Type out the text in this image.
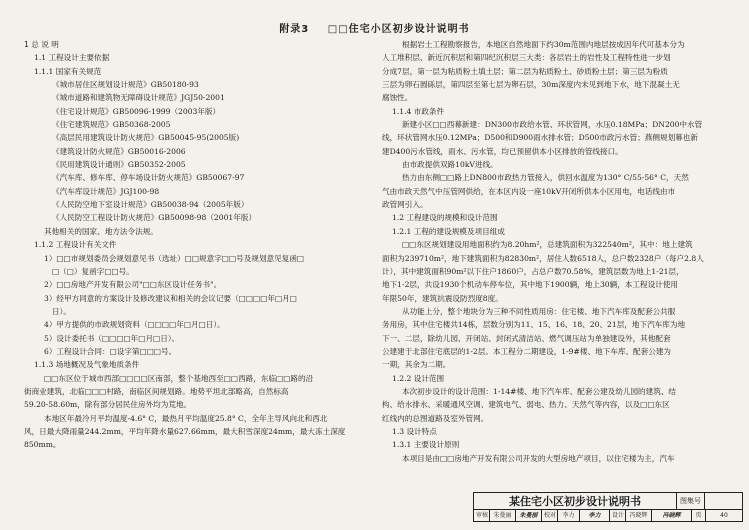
附录3 □□住宅小区初步设计说明书
1 总 说 明
1.1 工程设计主要依据
1.1.1 国家有关规范
《城市居住区规划设计规范》GB50180-93
《城市道路和建筑物无障碍设计规范》JGJ50-2001
《住宅设计规范》GB50096-1999（2003年版）
《住宅建筑规范》GB50368-2005
《高层民用建筑设计防火规范》GB50045-95(2005版)
《建筑设计防火规范》GB50016-2006
《民用建筑设计通则》GB50352-2005
《汽车库、修车库、停车场设计防火规范》GB50067-97
《汽车库设计规范》JGJ100-98
《人民防空地下室设计规范》GB50038-94（2005年版）
《人民防空工程设计防火规范》GB50098-98（2001年版）
其他相关的国家、地方法令法规。
1.1.2 工程设计有关文件
1）□□市规划委员会规划意见书（选址）□□规意字□□号及规划意见复函□
□（□）复函字□□号。
2）□□房地产开发有限公司"□□东区设计任务书"。
3）经甲方同意的方案设计及修改建议和相关的会议记要（□□□□年□月□
日）。
4）甲方提供的市政规划资料（□□□□年□月□日）。
5）设计委托书（□□□□年□月□日）。
6）工程设计合同：□设字第□□□号。
1.1.3 场地概况及气象地质条件
□□东区位于城市西部□□□□区南部，整个基地西至□□西路，东临□□路的沿
街商业建筑，北临□□□村路，南临区间规划路。地势平坦北部略高，自然标高
59.20-58.60m，除有部分居民住房外均为荒地。
本地区年最冷月平均温度-4.6° C，最热月平均温度25.8° C，全年主导风向北和西北
风，日最大降雨量244.2mm，平均年降水量627.66mm，最大积雪深度24mm，最大冻土深度
850mm。
根据岩土工程勘察报告，本地区自然地面下约30m范围内地层按成因年代可基本分为
人工堆积层、新近沉积层和第四纪沉积层三大类：各层岩土的岩性及工程特性进一步划
分成7层，第一层为粘质粉土填土层；第二层为粘质粉土、砂质粉土层；第三层为粉质
三层为卵石圆砾层，第四层至第七层为卵石层，30m深度内未见到地下水，地下混凝土无
腐蚀性。
1.1.4 市政条件
新建小区□□西幕新建：DN300市政给水管、环状管网，水压0.18MPa；DN200中水管
线，环状管网水压0.12MPa；D500和D900雨水排水管；D500市政污水管；燕侧规划幕也新
建D400污水管线，雨水、污水管，均已预留供本小区排放的管线接口。
由市政提供双路10kV进线。
热力由东侧□□路上DN800市政热力管接入，供回水温度为130° C/55-56° C，天然
气由市政天然气中压管网供给，在本区内设一座10kV开闭所供本小区用电，电话线由市
政管网引入。
1.2 工程建设的规模和设计范围
1.2.1 工程的建设规模及项目组成
□□东区规划建设用地面积约为8.20hm²，总建筑面积为322540m²，其中：地上建筑
面积为239710m²，地下建筑面积为82830m²，居住人数6518人，总户数2328户（每户2.8人
计），其中建筑面积90m²以下住户1860户，占总户数70.58%，建筑层数为地上1-21层，
地下1-2层，共设1930个机动车停车位，其中地下1900辆，地上30辆，本工程设计使用
年限50年，建筑抗震设防烈度8度。
从功能上分，整个地块分为三种不同性质用房：住宅楼、地下汽车库及配套公共服
务用房，其中住宅楼共14栋，层数分别为11、15、16、18、20、21层，地下汽车库为地
下一、二层，除幼儿园、开闭站、封闭式清洁站、燃气调压站为单独建设外，其他配套
公建建于北部住宅底层的1-2层。本工程分二期建设，1-9#楼、地下车库、配套公建为
一期，其余为二期。
1.2.2 设计范围
本次初步设计的设计范围：1-14#楼、地下汽车库、配套公建及幼儿园的建筑、结
构、给水排水、采暖通风空调、建筑电气、弱电、热力、天然气等内容，以及□□东区
红线内的总图道路及室外管网。
1.3 设计特点
1.3.1 主要设计原则
本项目是由□□房地产开发有限公司开发的大型房地产项目，以住宅楼为主，汽车
某住宅小区初步设计说明书	图集号
审核 朱曼丽	朱曼丽	校对	李力	李力	设计 冯晓辉	冯晓辉	页	40
